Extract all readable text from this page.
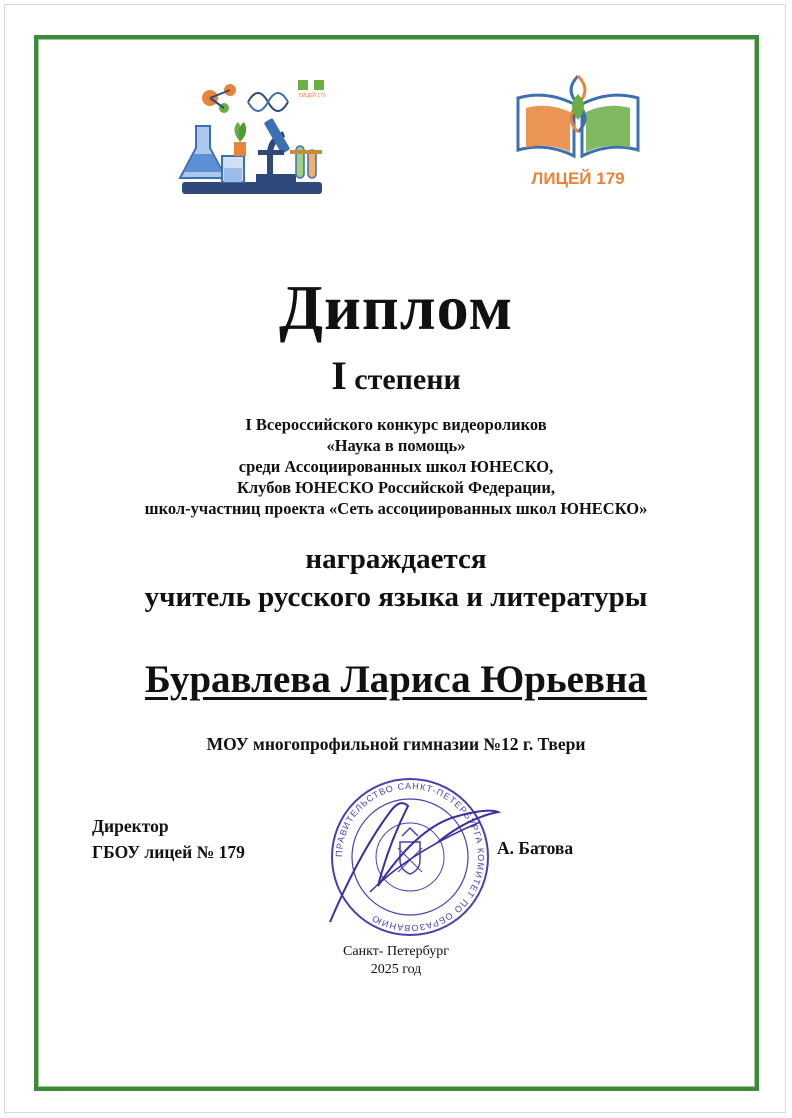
ЛИЦЕЙ 179
ЛИЦЕЙ 179
Диплом
I степени
I Всероссийского конкурс видеороликов
«Наука в помощь»
среди Ассоциированных школ ЮНЕСКО,
Клубов ЮНЕСКО Российской Федерации,
школ-участниц проекта «Сеть ассоциированных школ ЮНЕСКО»
награждается
учитель русского языка и литературы
Буравлева Лариса Юрьевна
МОУ многопрофильной гимназии №12 г. Твери
Директор
ГБОУ лицей № 179	ПРАВИТЕЛЬСТВО САНКТ-ПЕТЕРБУРГА КОМИТЕТ ПО ОБРАЗОВАНИЮ
А. Батова
Санкт- Петербург
2025 год
